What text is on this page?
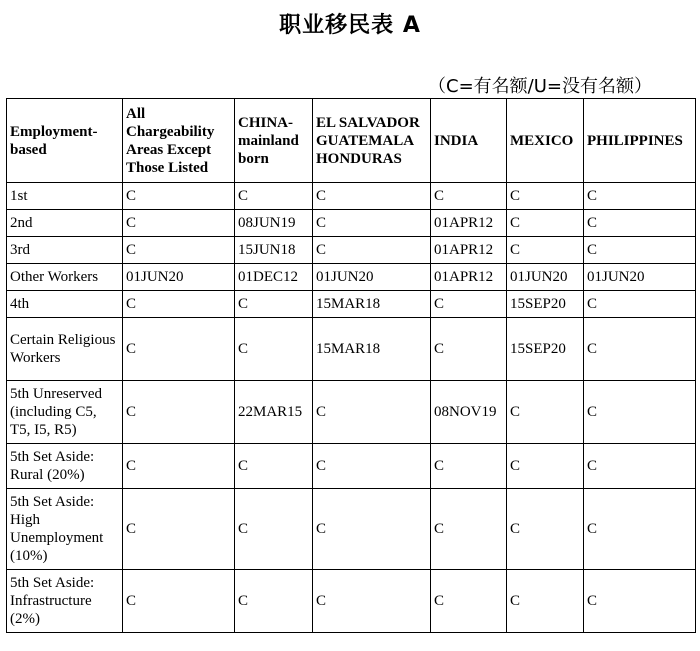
职业移民表 A
（C=有名额/U=没有名额）
Employment-based	All Chargeability Areas Except Those Listed	CHINA-mainland born	EL SALVADOR GUATEMALA HONDURAS	INDIA	MEXICO	PHILIPPINES
1st	C	C	C	C	C	C
2nd	C	08JUN19	C	01APR12	C	C
3rd	C	15JUN18	C	01APR12	C	C
Other Workers	01JUN20	01DEC12	01JUN20	01APR12	01JUN20	01JUN20
4th	C	C	15MAR18	C	15SEP20	C
Certain Religious Workers	C	C	15MAR18	C	15SEP20	C
5th Unreserved (including C5, T5, I5, R5)	C	22MAR15	C	08NOV19	C	C
5th Set Aside: Rural (20%)	C	C	C	C	C	C
5th Set Aside: High Unemployment (10%)	C	C	C	C	C	C
5th Set Aside: Infrastructure (2%)	C	C	C	C	C	C
